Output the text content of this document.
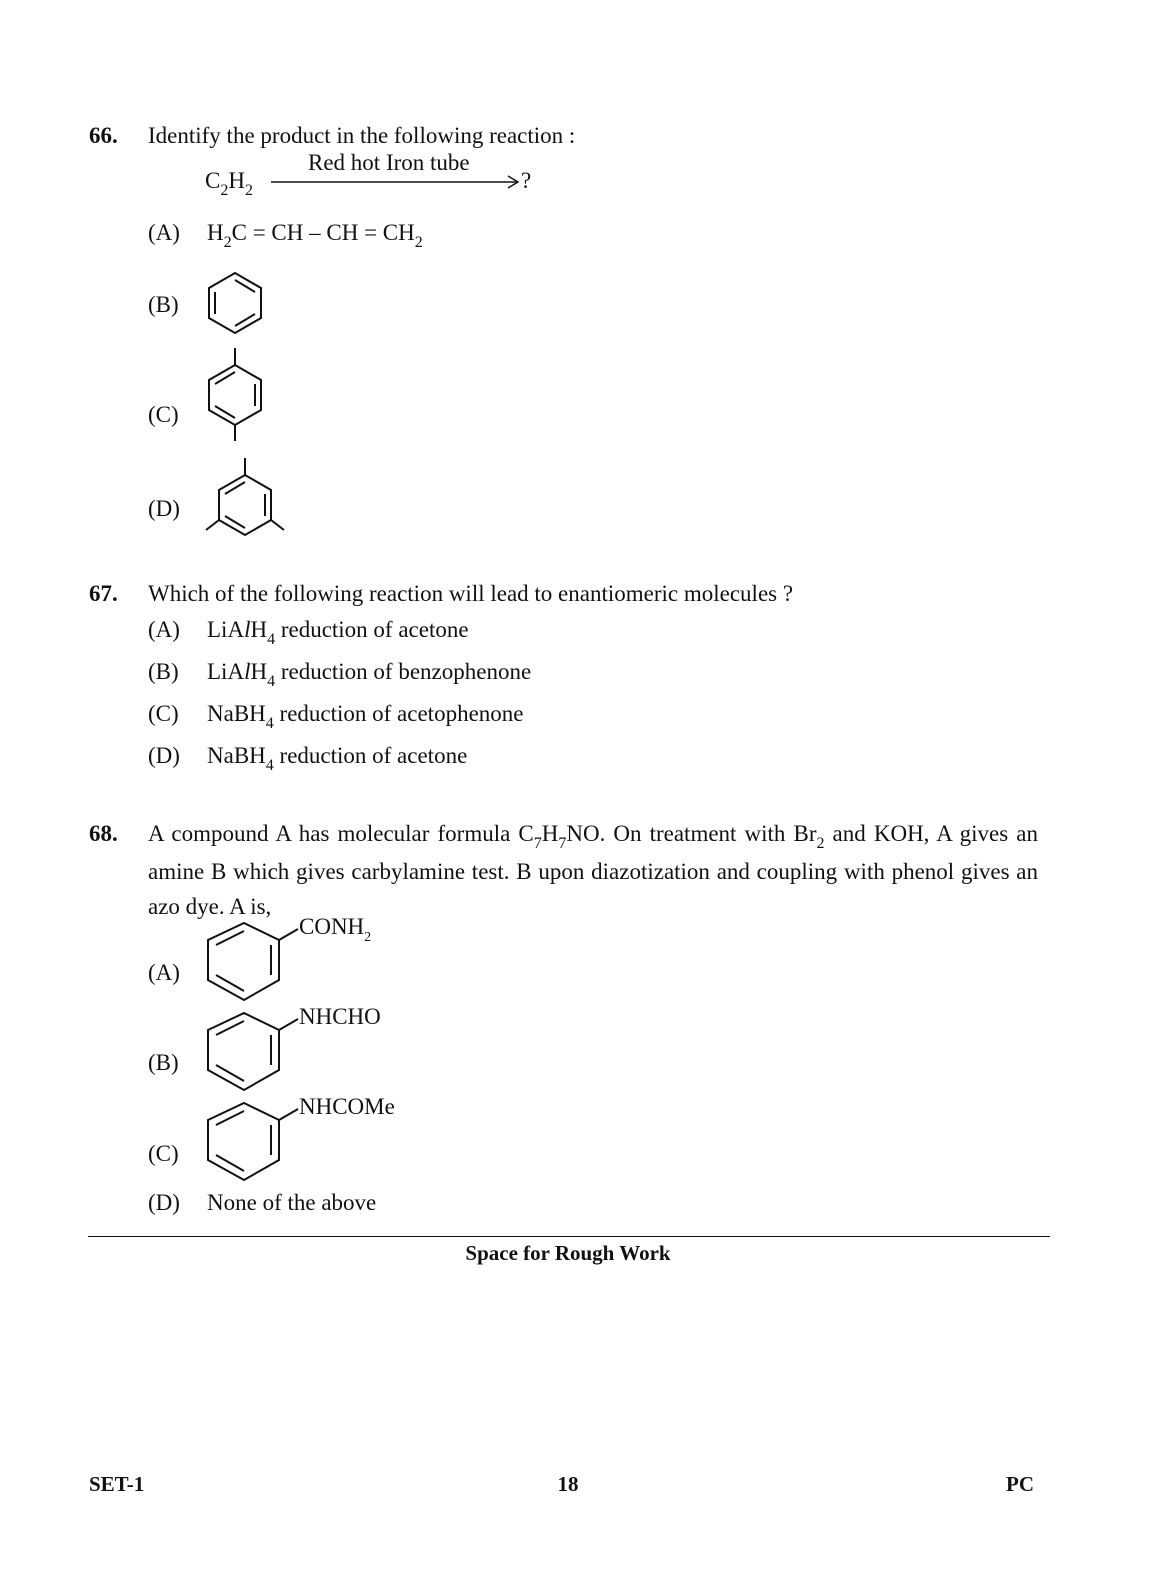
66. Identify the product in the following reaction :
$C_2H_2$
Red hot Iron tube
?
(A) $H_2C$ = CH – CH = $CH_2$
(B)
(C)
(D)
67. Which of the following reaction will lead to enantiomeric molecules ?
(A) LiAlH$_4$ reduction of acetone
(B) LiAlH$_4$ reduction of benzophenone
(C) NaBH$_4$ reduction of acetophenone
(D) NaBH$_4$ reduction of acetone
68. A compound A has molecular formula $C_7H_7NO$. On treatment with $Br_2$ and KOH, A gives an amine B which gives carbylamine test. B upon diazotization and coupling with phenol gives an azo dye. A is,
(A)
$CONH_2$
(B)
NHCHO
(C)
NHCOMe
(D) None of the above
Space for Rough Work
SET-1	18	PC
